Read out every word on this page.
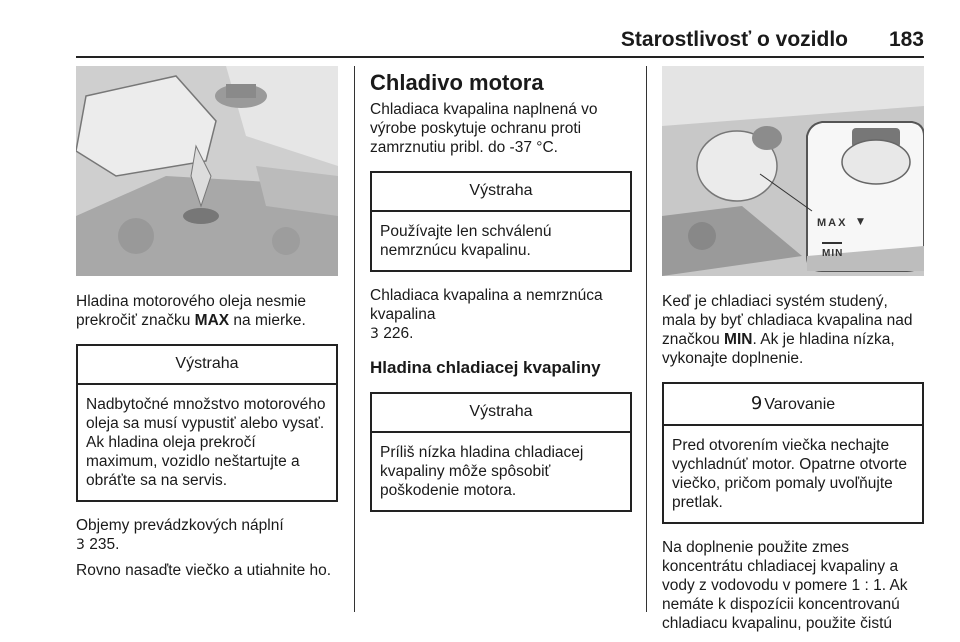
Starostlivosť o vozidlo 183

Hladina motorového oleja nesmie prekročiť značku MAX na mierke.

Výstraha
Nadbytočné množstvo motorového oleja sa musí vypustiť alebo vysať. Ak hladina oleja prekročí maximum, vozidlo neštartujte a obráťte sa na servis.

Objemy prevádzkových náplní
3 235.

Rovno nasaďte viečko a utiahnite ho.

Chladivo motora

Chladiaca kvapalina naplnená vo výrobe poskytuje ochranu proti zamrznutiu pribl. do -37 °C.

Výstraha
Používajte len schválenú nemrznúcu kvapalinu.

Chladiaca kvapalina a nemrznúca kvapalina
3 226.

Hladina chladiacej kvapaliny
Výstraha
Príliš nízka hladina chladiacej kvapaliny môže spôsobiť poškodenie motora.
MAX ▼
MIN

Keď je chladiaci systém studený, mala by byť chladiaca kvapalina nad značkou MIN. Ak je hladina nízka, vykonajte doplnenie.

9 Varovanie
Pred otvorením viečka nechajte vychladnúť motor. Opatrne otvorte viečko, pričom pomaly uvoľňujte pretlak.

Na doplnenie použite zmes koncentrátu chladiacej kvapaliny a vody z vodovodu v pomere 1 : 1. Ak nemáte k dispozícii koncentrovanú chladiacu kvapalinu, použite čistú
